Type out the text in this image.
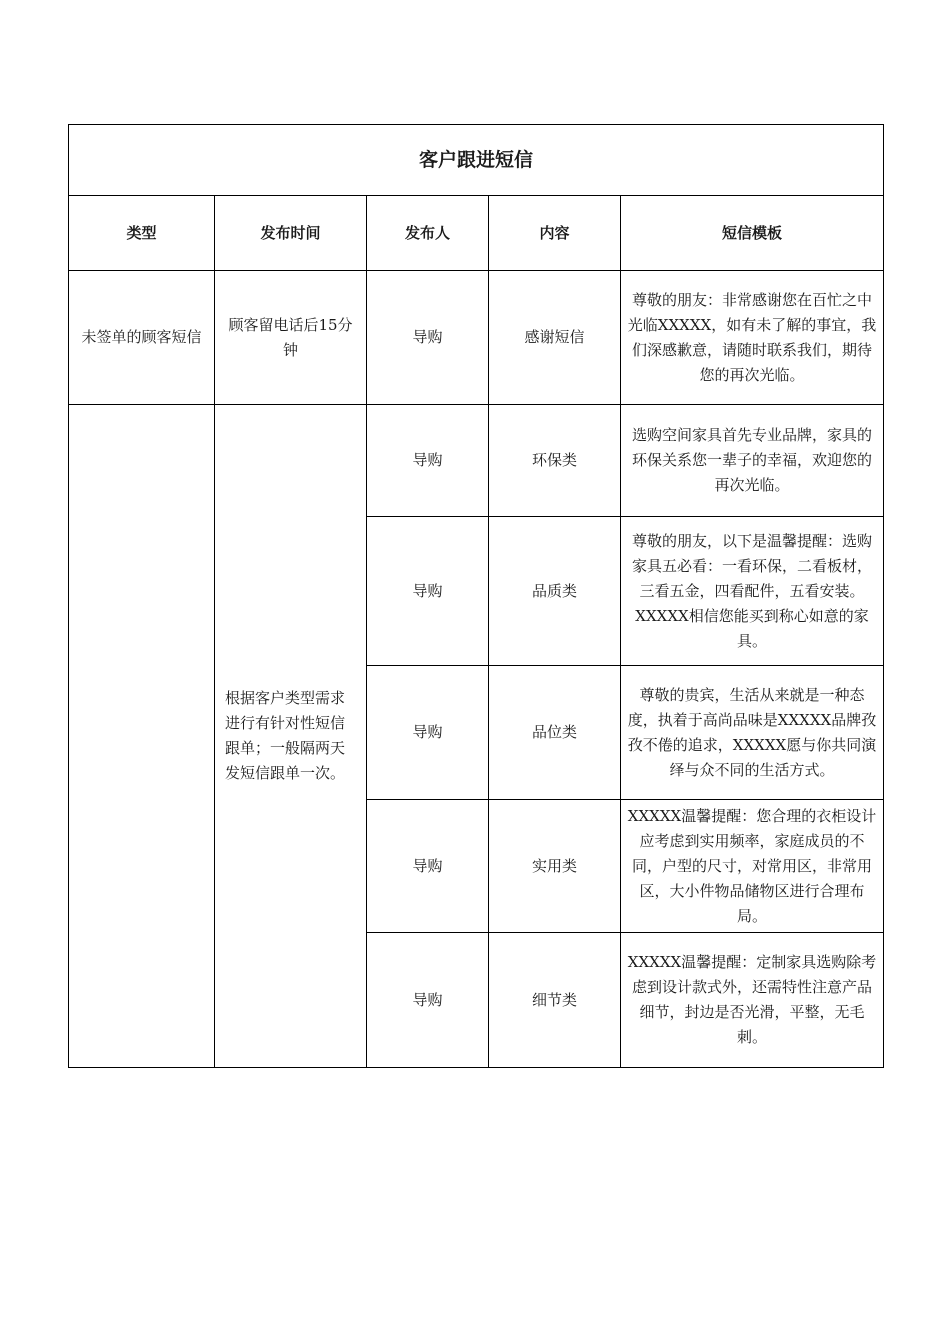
客户跟进短信				
类型	发布时间	发布人	内容	短信模板
未签单的顾客短信	顾客留电话后15分钟	导购	感谢短信	尊敬的朋友：非常感谢您在百忙之中光临XXXXX，如有未了解的事宜，我们深感歉意，请随时联系我们，期待您的再次光临。
	根据客户类型需求进行有针对性短信跟单；一般隔两天发短信跟单一次。	导购	环保类	选购空间家具首先专业品牌，家具的环保关系您一辈子的幸福，欢迎您的再次光临。
		导购	品质类	尊敬的朋友，以下是温馨提醒：选购家具五必看：一看环保，二看板材，三看五金，四看配件，五看安装。XXXXX相信您能买到称心如意的家具。
		导购	品位类	尊敬的贵宾，生活从来就是一种态度，执着于高尚品味是XXXXX品牌孜孜不倦的追求，XXXXX愿与你共同演绎与众不同的生活方式。
		导购	实用类	XXXXX温馨提醒：您合理的衣柜设计应考虑到实用频率，家庭成员的不同，户型的尺寸，对常用区，非常用区，大小件物品储物区进行合理布局。
		导购	细节类	XXXXX温馨提醒：定制家具选购除考虑到设计款式外，还需特性注意产品细节，封边是否光滑，平整，无毛刺。
